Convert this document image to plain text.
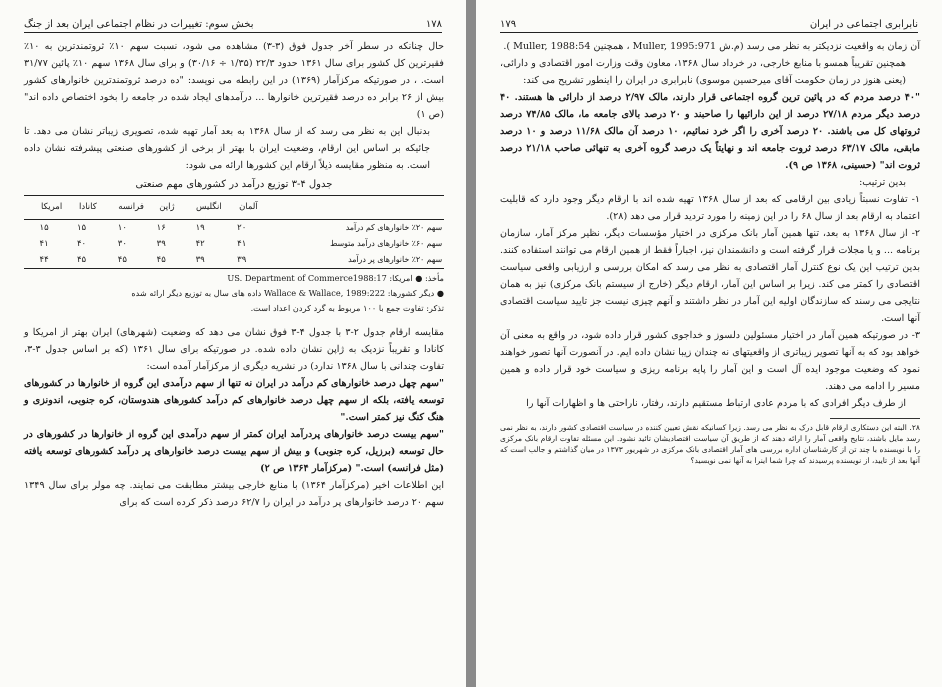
۱۷۸
بخش سوم: تغییرات در نظام اجتماعی ایران بعد از جنگ

حال چنانکه در سطر آخر جدول فوق (۳-۳) مشاهده می شود، نسبت سهم ۱۰٪ ثروتمندترین به ۱۰٪ فقیرترین کل کشور برای سال ۱۳۶۱ حدود ۲۲/۳ (۱/۳۵ ÷ ۳۰/۱۶) و برای سال ۱۳۶۸ سهم ۱۰٪ پائین ۳۱/۷۷ است. ، در صورتیکه مرکزآمار (۱۳۶۹) در این رابطه می نویسد: "ده درصد ثروتمندترین خانوارهای کشور بیش از ۲۶ برابر ده درصد فقیرترین خانوارها ... درآمدهای ایجاد شده در جامعه را بخود اختصاص داده اند" (ص ۱)

بدنبال این به نظر می رسد که از سال ۱۳۶۸ به بعد آمار تهیه شده، تصویری زیباتر نشان می دهد. تا جائیکه بر اساس این ارقام، وضعیت ایران با بهتر از برخی از کشورهای صنعتی پیشرفته نشان داده است. به منظور مقایسه ذیلاً ارقام این کشورها ارائه می شود:

جدول ۴-۳ توزیع درآمد در کشورهای مهم صنعتی
	آلمان	انگلیس	ژاپن	فرانسه	کانادا	امریکا
سهم ۲۰٪ خانوارهای کم درآمد	۲۰	۱۹	۱۶	۱۰	۱۵	۱۵
سهم ۶۰٪ خانوارهای درآمد متوسط	۴۱	۴۲	۳۹	۳۰	۴۰	۴۱
سهم ۲۰٪ خانوارهای پر درآمد	۳۹	۳۹	۴۵	۴۵	۴۵	۴۴
مأخذ: ● امریکا: US. Department of Commerce1988:17
● دیگر کشورها: Wallace & Wallace, 1989:222 داده های سال به توزیع دیگر ارائه شده
تذکر: تفاوت جمع با ۱۰۰ مربوط به گرد کردن اعداد است.

مقایسه ارقام جدول ۲-۳ با جدول ۴-۳ فوق نشان می دهد که وضعیت (شهرهای) ایران بهتر از امریکا و کانادا و تقریباً نزدیک به ژاپن نشان داده شده. در صورتیکه برای سال ۱۳۶۱ (که بر اساس جدول ۳-۳، تفاوت چندانی با سال ۱۳۶۸ ندارد) در نشریه دیگری از مرکزآمار آمده است:

"سهم چهل درصد خانوارهای کم درآمد در ایران نه تنها از سهم درآمدی این گروه از خانوارها در کشورهای توسعه یافته، بلکه از سهم چهل درصد خانوارهای کم درآمد کشورهای هندوستان، کره جنوبی، اندونزی و هنگ کنگ نیز کمتر است."

"سهم بیست درصد خانوارهای پردرآمد ایران کمتر از سهم درآمدی این گروه از خانوارها در کشورهای در حال توسعه (برزیل، کره جنوبی) و بیش از سهم بیست درصد خانوارهای پر درآمد کشورهای توسعه یافته (مثل فرانسه) است." (مرکزآمار ۱۳۶۴ ص ۲)

این اطلاعات اخیر (مرکزآمار ۱۳۶۴) با منابع خارجی بیشتر مطابقت می نمایند. چه مولر برای سال ۱۳۴۹ سهم ۲۰ درصد خانوارهای پر درآمد در ایران را ۶۲/۷ درصد ذکر کرده است که برای

نابرابری اجتماعی در ایران
۱۷۹

آن زمان به واقعیت نزدیکتر به نظر می رسد (م.ش Muller, 1995:971 ، همچنین Muller, 1988:54 ).

همچنین تقریباً همسو با منابع خارجی، در خرداد سال ۱۳۶۸، معاون وقت وزارت امور اقتصادی و دارائی، (یعنی هنوز در زمان حکومت آقای میرحسین موسوی) نابرابری در ایران را اینطور تشریح می کند:

"۴۰ درصد مردم که در پائین ترین گروه اجتماعی قرار دارند، مالک ۲/۹۷ درصد از دارائی ها هستند. ۴۰ درصد دیگر مردم ۲۷/۱۸ درصد از این دارائیها را صاحبند و ۲۰ درصد بالای جامعه ما، مالک ۷۴/۸۵ درصد ثروتهای کل می باشند. ۲۰ درصد آخری را اگر خرد نمائیم، ۱۰ درصد آن مالک ۱۱/۶۸ درصد و ۱۰ درصد مابقی، مالک ۶۳/۱۷ درصد ثروت جامعه اند و نهایتاً یک درصد گروه آخری به تنهائی صاحب ۲۱/۱۸ درصد ثروت اند" (حسینی، ۱۳۶۸ ص ۹).

بدین ترتیب:

۱- تفاوت نسبتاً زیادی بین ارقامی که بعد از سال ۱۳۶۸ تهیه شده اند با ارقام دیگر وجود دارد که قابلیت اعتماد به ارقام بعد از سال ۶۸ را در این زمینه را مورد تردید قرار می دهد (۲۸).

۲- از سال ۱۳۶۸ به بعد، تنها همین آمار بانک مرکزی در اختیار مؤسسات دیگر، نظیر مرکز آمار، سازمان برنامه ... و یا مجلات قرار گرفته است و دانشمندان نیز، اجباراً فقط از همین ارقام می توانند استفاده کنند. بدین ترتیب این یک نوع کنترل آمار اقتصادی به نظر می رسد که امکان بررسی و ارزیابی واقعی سیاست اقتصادی را کمتر می کند. زیرا بر اساس این آمار، ارقام دیگر (خارج از سیستم بانک مرکزی) نیز به همان نتایجی می رسند که سازندگان اولیه این آمار در نظر داشتند و آنهم چیزی نیست جز تایید سیاست اقتصادی آنها است.

۳- در صورتیکه همین آمار در اختیار مسئولین دلسوز و خداجوی کشور قرار داده شود، در واقع به معنی آن خواهد بود که به آنها تصویر زیباتری از واقعیتهای نه چندان زیبا نشان داده ایم. در آنصورت آنها تصور خواهند نمود که وضعیت موجود ایده آل است و این آمار را پایه برنامه ریزی و سیاست خود قرار داده و همین مسیر را ادامه می دهند.

از طرف دیگر افرادی که با مردم عادی ارتباط مستقیم دارند، رفتار، ناراحتی ها و اظهارات آنها را

۲۸. البته این دستکاری ارقام قابل درک به نظر می رسد. زیرا کسانیکه نقش تعیین کننده در سیاست اقتصادی کشور دارند، به نظر نمی رسد مایل باشند، نتایج واقعی آمار را ارائه دهند که از طریق آن سیاست اقتصادیشان تائید نشود. این مسئله تفاوت ارقام بانک مرکزی را با نویسنده با چند تن از کارشناسان اداره بررسی های آمار اقتصادی بانک مرکزی در شهریور ۱۳۷۳ در میان گذاشتم و جالب است که آنها بعد از تایید، از نویسنده پرسیدند که چرا شما اینرا به آنها نمی نویسید؟
